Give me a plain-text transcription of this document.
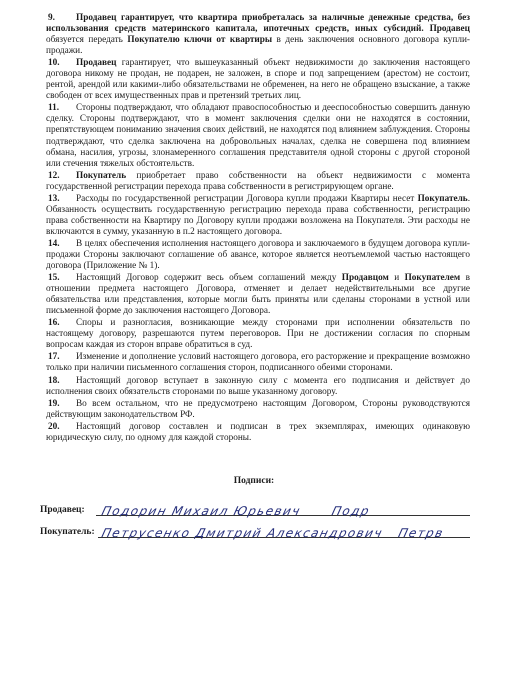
9. Продавец гарантирует, что квартира приобреталась за наличные денежные средства, без использования средств материнского капитала, ипотечных средств, иных субсидий. Продавец обязуется передать Покупателю ключи от квартиры в день заключения основного договора купли-продажи.

10. Продавец гарантирует, что вышеуказанный объект недвижимости до заключения настоящего договора никому не продан, не подарен, не заложен, в споре и под запрещением (арестом) не состоит, рентой, арендой или какими-либо обязательствами не обременен, на него не обращено взыскание, а также свободен от всех имущественных прав и претензий третьих лиц.

11. Стороны подтверждают, что обладают правоспособностью и дееспособностью совершить данную сделку. Стороны подтверждают, что в момент заключения сделки они не находятся в состоянии, препятствующем пониманию значения своих действий, не находятся под влиянием заблуждения. Стороны подтверждают, что сделка заключена на добровольных началах, сделка не совершена под влиянием обмана, насилия, угрозы, злонамеренного соглашения представителя одной стороны с другой стороной или стечения тяжелых обстоятельств.

12. Покупатель приобретает право собственности на объект недвижимости с момента государственной регистрации перехода права собственности в регистрирующем органе.

13. Расходы по государственной регистрации Договора купли продажи Квартиры несет Покупатель. Обязанность осуществить государственную регистрацию перехода права собственности, регистрацию права собственности на Квартиру по Договору купли продажи возложена на Покупателя. Эти расходы не включаются в сумму, указанную в п.2 настоящего договора.

14. В целях обеспечения исполнения настоящего договора и заключаемого в будущем договора купли-продажи Стороны заключают соглашение об авансе, которое является неотъемлемой частью настоящего договора (Приложение № 1).

15. Настоящий Договор содержит весь объем соглашений между Продавцом и Покупателем в отношении предмета настоящего Договора, отменяет и делает недействительными все другие обязательства или представления, которые могли быть приняты или сделаны сторонами в устной или письменной форме до заключения настоящего Договора.

16. Споры и разногласия, возникающие между сторонами при исполнении обязательств по настоящему договору, разрешаются путем переговоров. При не достижении согласия по спорным вопросам каждая из сторон вправе обратиться в суд.

17. Изменение и дополнение условий настоящего договора, его расторжение и прекращение возможно только при наличии письменного соглашения сторон, подписанного обеими сторонами.

18. Настоящий договор вступает в законную силу с момента его подписания и действует до исполнения своих обязательств сторонами по выше указанному договору.

19. Во всем остальном, что не предусмотрено настоящим Договором, Стороны руководствуются действующим законодательством РФ.

20. Настоящий договор составлен и подписан в трех экземплярах, имеющих одинаковую юридическую силу, по одному для каждой стороны.

Подписи:
Продавец: Подорин Михаил Юрьевич Подр
Покупатель: Петрусенко Дмитрий Александрович Петрв
